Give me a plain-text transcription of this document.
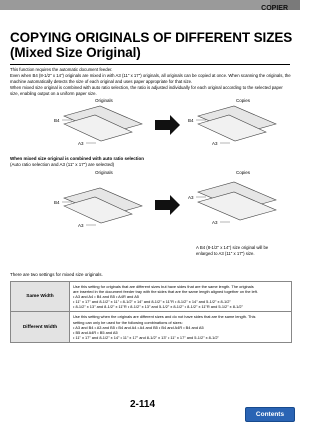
COPIER
COPYING ORIGINALS OF DIFFERENT SIZES
(Mixed Size Original)

This function requires the automatic document feeder.

Even when B4 (8-1/2" x 14") originals are mixed in with A3 (11" x 17") originals, all originals can be copied at once. When scanning the originals, the machine automatically detects the size of each original and uses paper appropriate for that size.

When mixed size original is combined with auto ratio selection, the ratio is adjusted individually for each original according to the selected paper size, enabling output on a uniform paper size.

Originals	Copies
B4
A3
B4
A3
When mixed size original is combined with auto ratio selection
(Auto ratio selection and A3 (11" x 17") are selected)
Originals	Copies
B4
A3
A3
A3
A B4 (8-1/2" x 14") size original will be
enlarged to A3 (11" x 17") size.
There are two settings for mixed size originals.
Same Width	Use this setting for originals that are different sizes but have sides that are the same length. The originals
are inserted in the document feeder tray with the sides that are the same length aligned together on the left.
• A3 and A4 • B4 and B5 • A4R and A5
• 11" x 17" and 8-1/2" x 11" • 8-1/2" x 14" and 8-1/2" x 11"R • 8-1/2" x 14" and 5-1/2" x 8-1/2"
• 8-1/2" x 13" and 8-1/2" x 11"R • 8-1/2" x 13" and 5-1/2" x 8-1/2" • 8-1/2" x 11"R and 5-1/2" x 8-1/2"

Different Width	Use this setting when the originals are different sizes and do not have sides that are the same length. This
setting can only be used for the following combinations of sizes:
• A3 and B4 • A3 and B5 • B4 and A4 • A4 and B5 • B4 and A4R • B4 and A5
• B5 and A4R • B5 and A5
• 11" x 17" and 8-1/2" x 14" • 11" x 17" and 8-1/2" x 13" • 11" x 17" and 5-1/2" x 8-1/2"
2-114
Contents
